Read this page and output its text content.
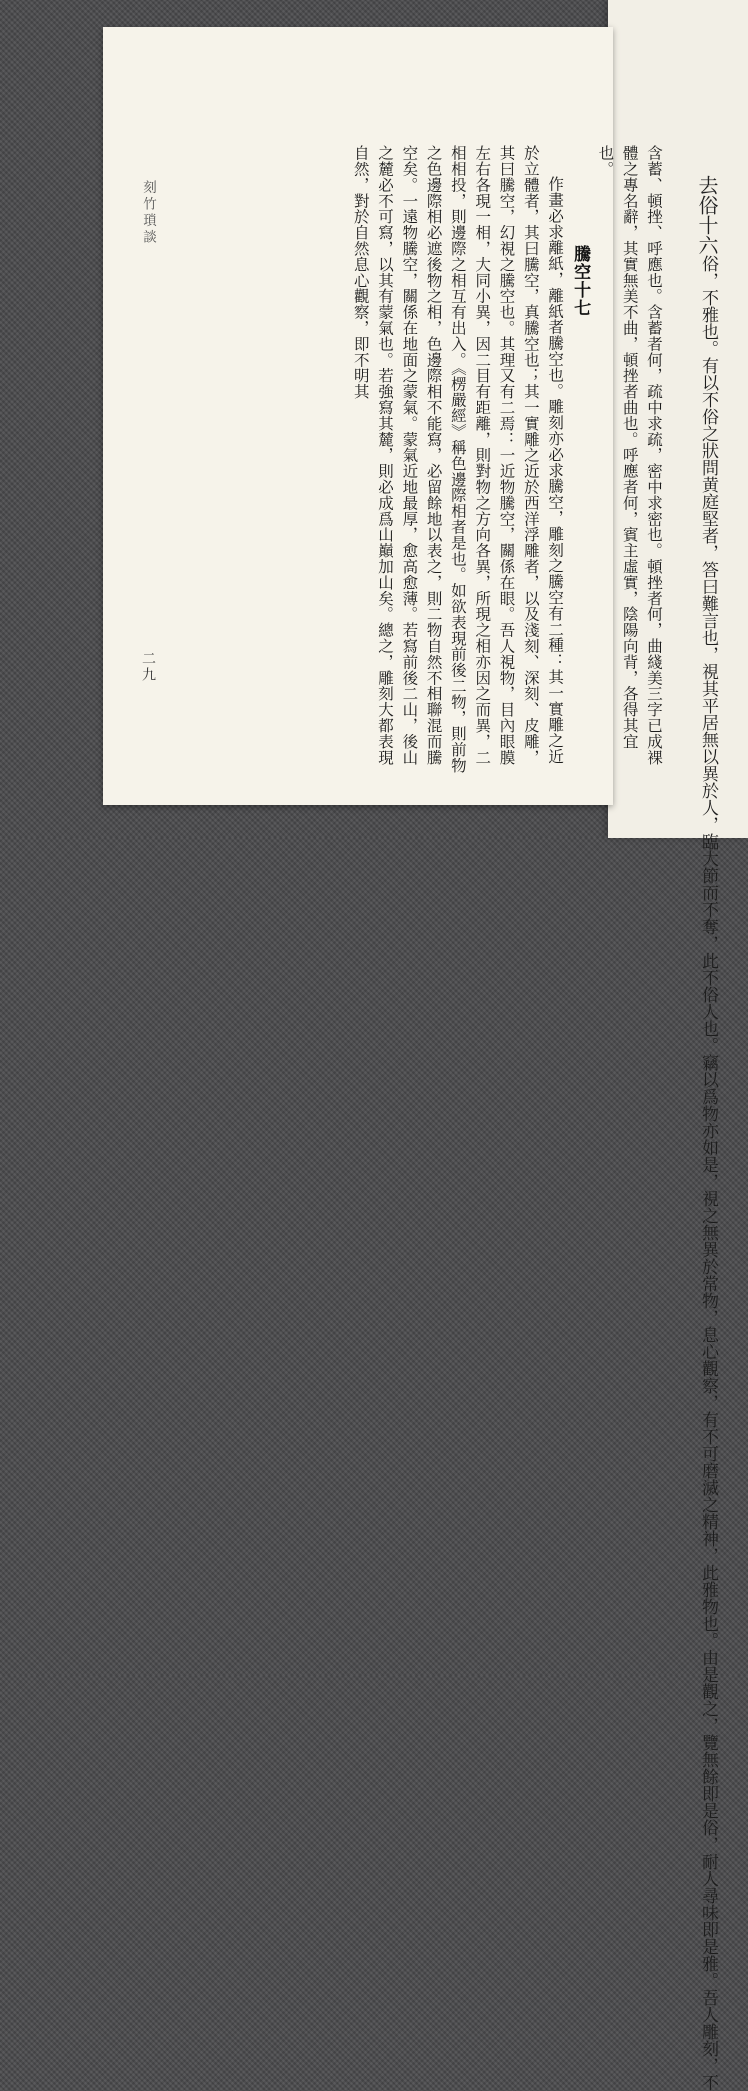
去俗十六

俗，不雅也。有以不俗之狀問黄庭堅者，答曰難言也，視其平居無以異於人，臨

大節而不奪，此不俗人也。竊以爲物亦如是，視之無異於常物，息心觀察，有不可磨

滅之精神，此雅物也。由是觀之，覽無餘即是俗，耐人尋味即是雅。吾人雕刻，不

刻竹瑣談
二九	含蓄、頓挫、呼應也。含蓄者何，疏中求疏，密中求密也。頓挫者何，曲綫美三字已成裸體之專名辭，其實無美不曲，頓挫者曲也。呼應者何，賓主虛實，陰陽向背，各得其宜也。

騰空十七

作畫必求離紙，離紙者騰空也。雕刻亦必求騰空，雕刻之騰空有二種：其一實雕之近於立體者，其曰騰空，真騰空也；其一實雕之近於西洋浮雕者，以及淺刻、深刻、皮雕，其曰騰空，幻視之騰空也。其理又有二焉：一近物騰空，關係在眼。吾人視物，目內眼膜左右各現一相，大同小異，因二目有距離，則對物之方向各異，所現之相亦因之而異，二相相投，則邊際之相互有出入。《楞嚴經》稱色邊際相者是也。如欲表現前後二物，則前物之色邊際相必遮後物之相，色邊際相不能寫，必留餘地以表之，則二物自然不相聯混而騰空矣。一遠物騰空，關係在地面之蒙氣。蒙氣近地最厚，愈高愈薄。若寫前後二山，後山之麓必不可寫，以其有蒙氣也。若強寫其麓，則必成爲山巔加山矣。總之，雕刻大都表現自然，對於自然息心觀察，即不明其
